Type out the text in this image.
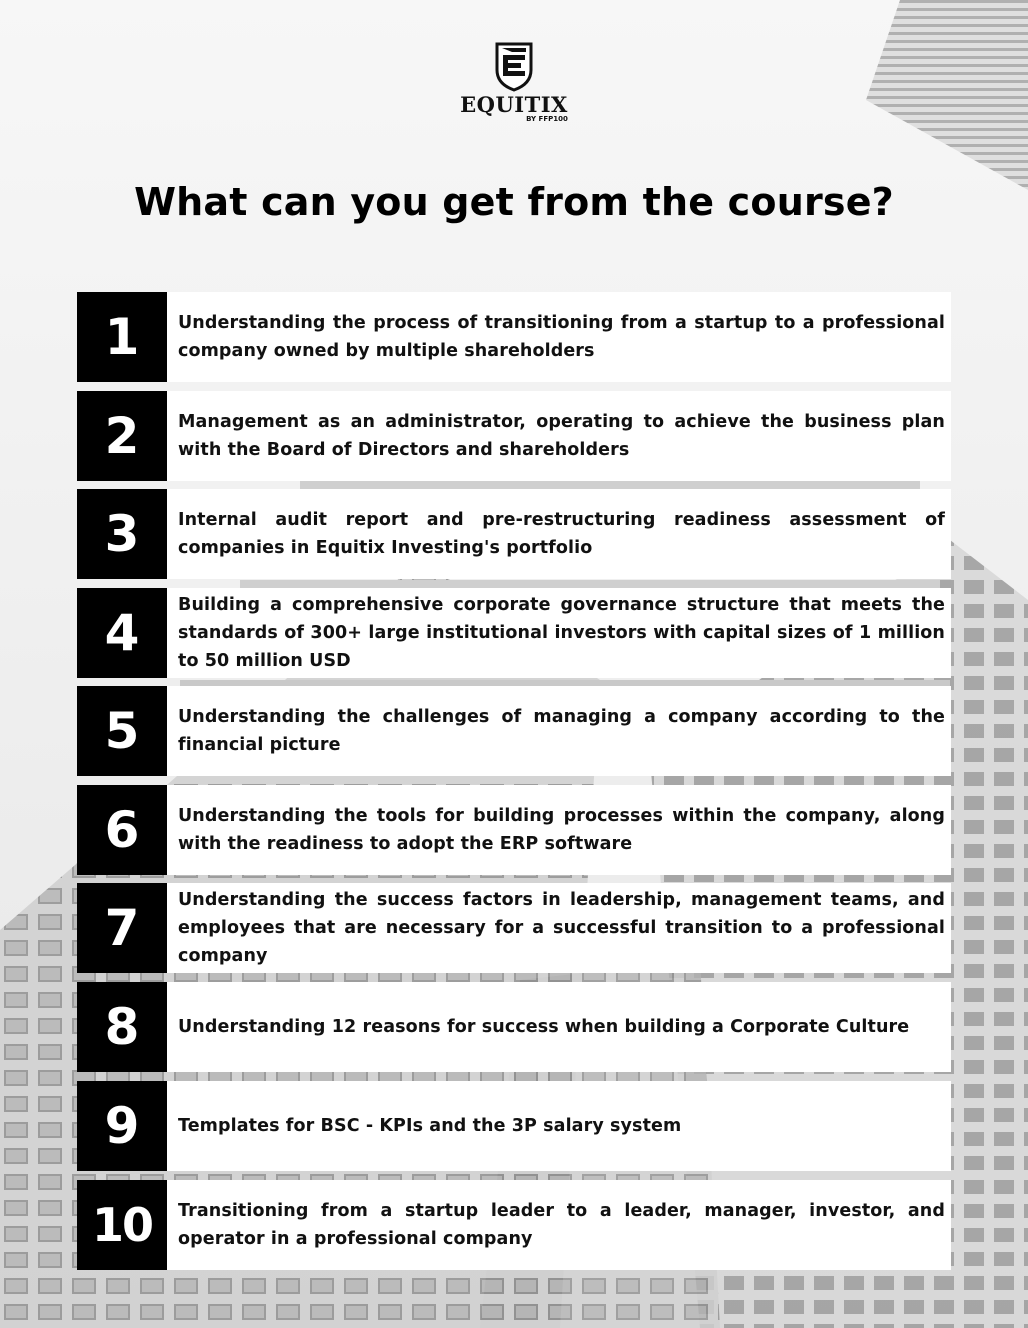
EQUITIX
BY FFP100
What can you get from the course?
1	Understanding the process of transitioning from a startup to a professional company owned by multiple shareholders
2	Management as an administrator, operating to achieve the business plan with the Board of Directors and shareholders
3	Internal audit report and pre-restructuring readiness assessment of companies in Equitix Investing's portfolio
4	Building a comprehensive corporate governance structure that meets the standards of 300+ large institutional investors with capital sizes of 1 million to 50 million USD
5	Understanding the challenges of managing a company according to the financial picture
6	Understanding the tools for building processes within the company, along with the readiness to adopt the ERP software
7	Understanding the success factors in leadership, management teams, and employees that are necessary for a successful transition to a professional company
8	Understanding 12 reasons for success when building a Corporate Culture
9	Templates for BSC - KPIs and the 3P salary system
10	Transitioning from a startup leader to a leader, manager, investor, and operator in a professional company
